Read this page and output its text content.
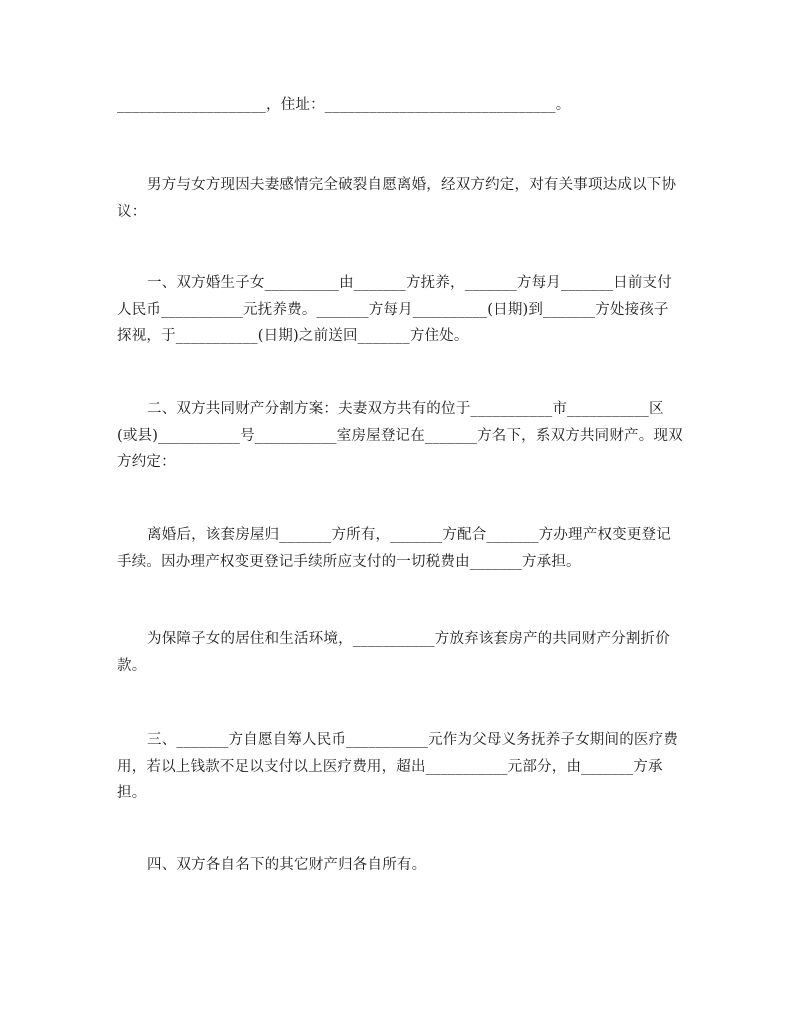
____________________，住址：_______________________________。

男方与女方现因夫妻感情完全破裂自愿离婚，经双方约定，对有关事项达成以下协议：

一、双方婚生子女__________由_______方抚养，_______方每月_______日前支付人民币___________元抚养费。_______方每月__________(日期)到_______方处接孩子探视，于___________(日期)之前送回_______方住处。

二、双方共同财产分割方案：夫妻双方共有的位于___________市___________区(或县)___________号___________室房屋登记在_______方名下，系双方共同财产。现双方约定：

离婚后，该套房屋归_______方所有，_______方配合_______方办理产权变更登记手续。因办理产权变更登记手续所应支付的一切税费由_______方承担。

为保障子女的居住和生活环境，___________方放弃该套房产的共同财产分割折价款。

三、_______方自愿自筹人民币___________元作为父母义务抚养子女期间的医疗费用，若以上钱款不足以支付以上医疗费用，超出___________元部分，由_______方承担。

四、双方各自名下的其它财产归各自所有。
